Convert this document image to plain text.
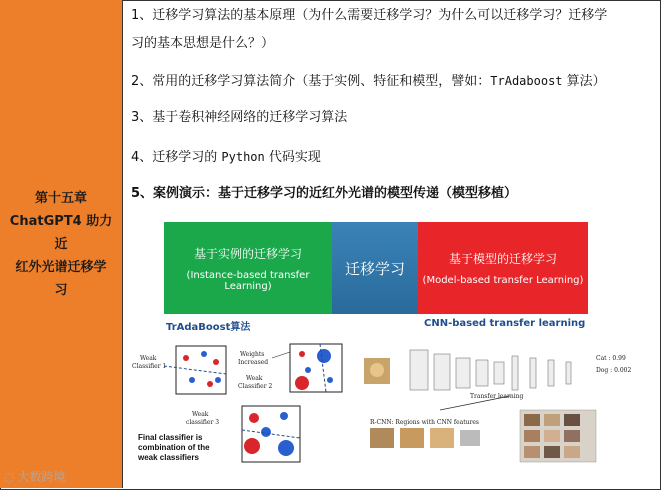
第十五章
ChatGPT4 助力近
红外光谱迁移学
习
1、迁移学习算法的基本原理（为什么需要迁移学习？为什么可以迁移学习？迁移学
习的基本思想是什么？）
2、常用的迁移学习算法简介（基于实例、特征和模型，譬如：TrAdaboost 算法）
3、基于卷积神经网络的迁移学习算法
4、迁移学习的 Python 代码实现
5、案例演示：基于迁移学习的近红外光谱的模型传递（模型移植）
基于实例的迁移学习
(Instance-based transfer Learning)
迁移学习
基于模型的迁移学习
(Model-based transfer Learning)
TrAdaBoost算法	CNN-based transfer learning
Weak
Classifier 1
Weights
Increased
Weak
Classifier 2
Weak
classifier 3
Final classifier is
combination of the
weak classifiers
Cat : 0.99
Dog : 0.002
Transfer learning
R-CNN: Regions with CNN features
◌ 大数跨境
